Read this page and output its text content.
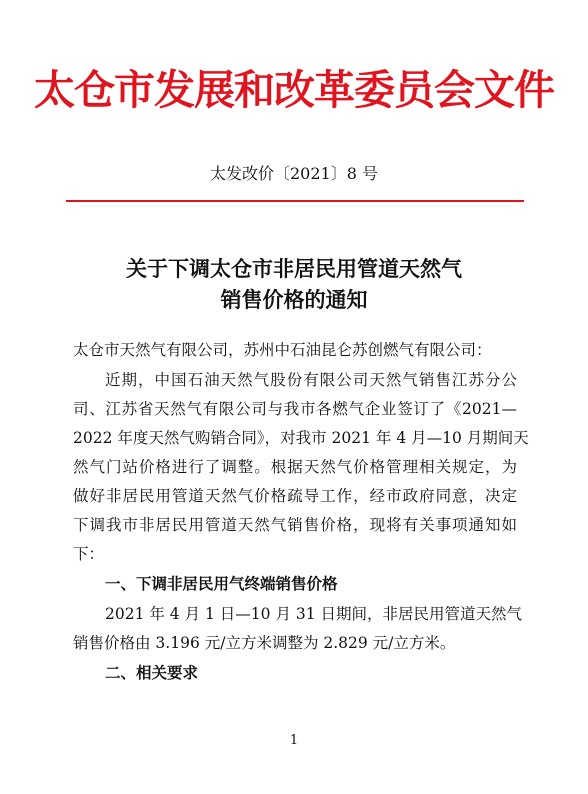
太仓市发展和改革委员会文件
太发改价〔2021〕8 号
关于下调太仓市非居民用管道天然气
销售价格的通知
太仓市天然气有限公司，苏州中石油昆仑苏创燃气有限公司：
近期，中国石油天然气股份有限公司天然气销售江苏分公
司、江苏省天然气有限公司与我市各燃气企业签订了《2021—
2022 年度天然气购销合同》，对我市 2021 年 4 月—10 月期间天
然气门站价格进行了调整。根据天然气价格管理相关规定，为
做好非居民用管道天然气价格疏导工作，经市政府同意，决定
下调我市非居民用管道天然气销售价格，现将有关事项通知如
下：
一、下调非居民用气终端销售价格
2021 年 4 月 1 日—10 月 31 日期间，非居民用管道天然气
销售价格由 3.196 元/立方米调整为 2.829 元/立方米。
二、相关要求
1
